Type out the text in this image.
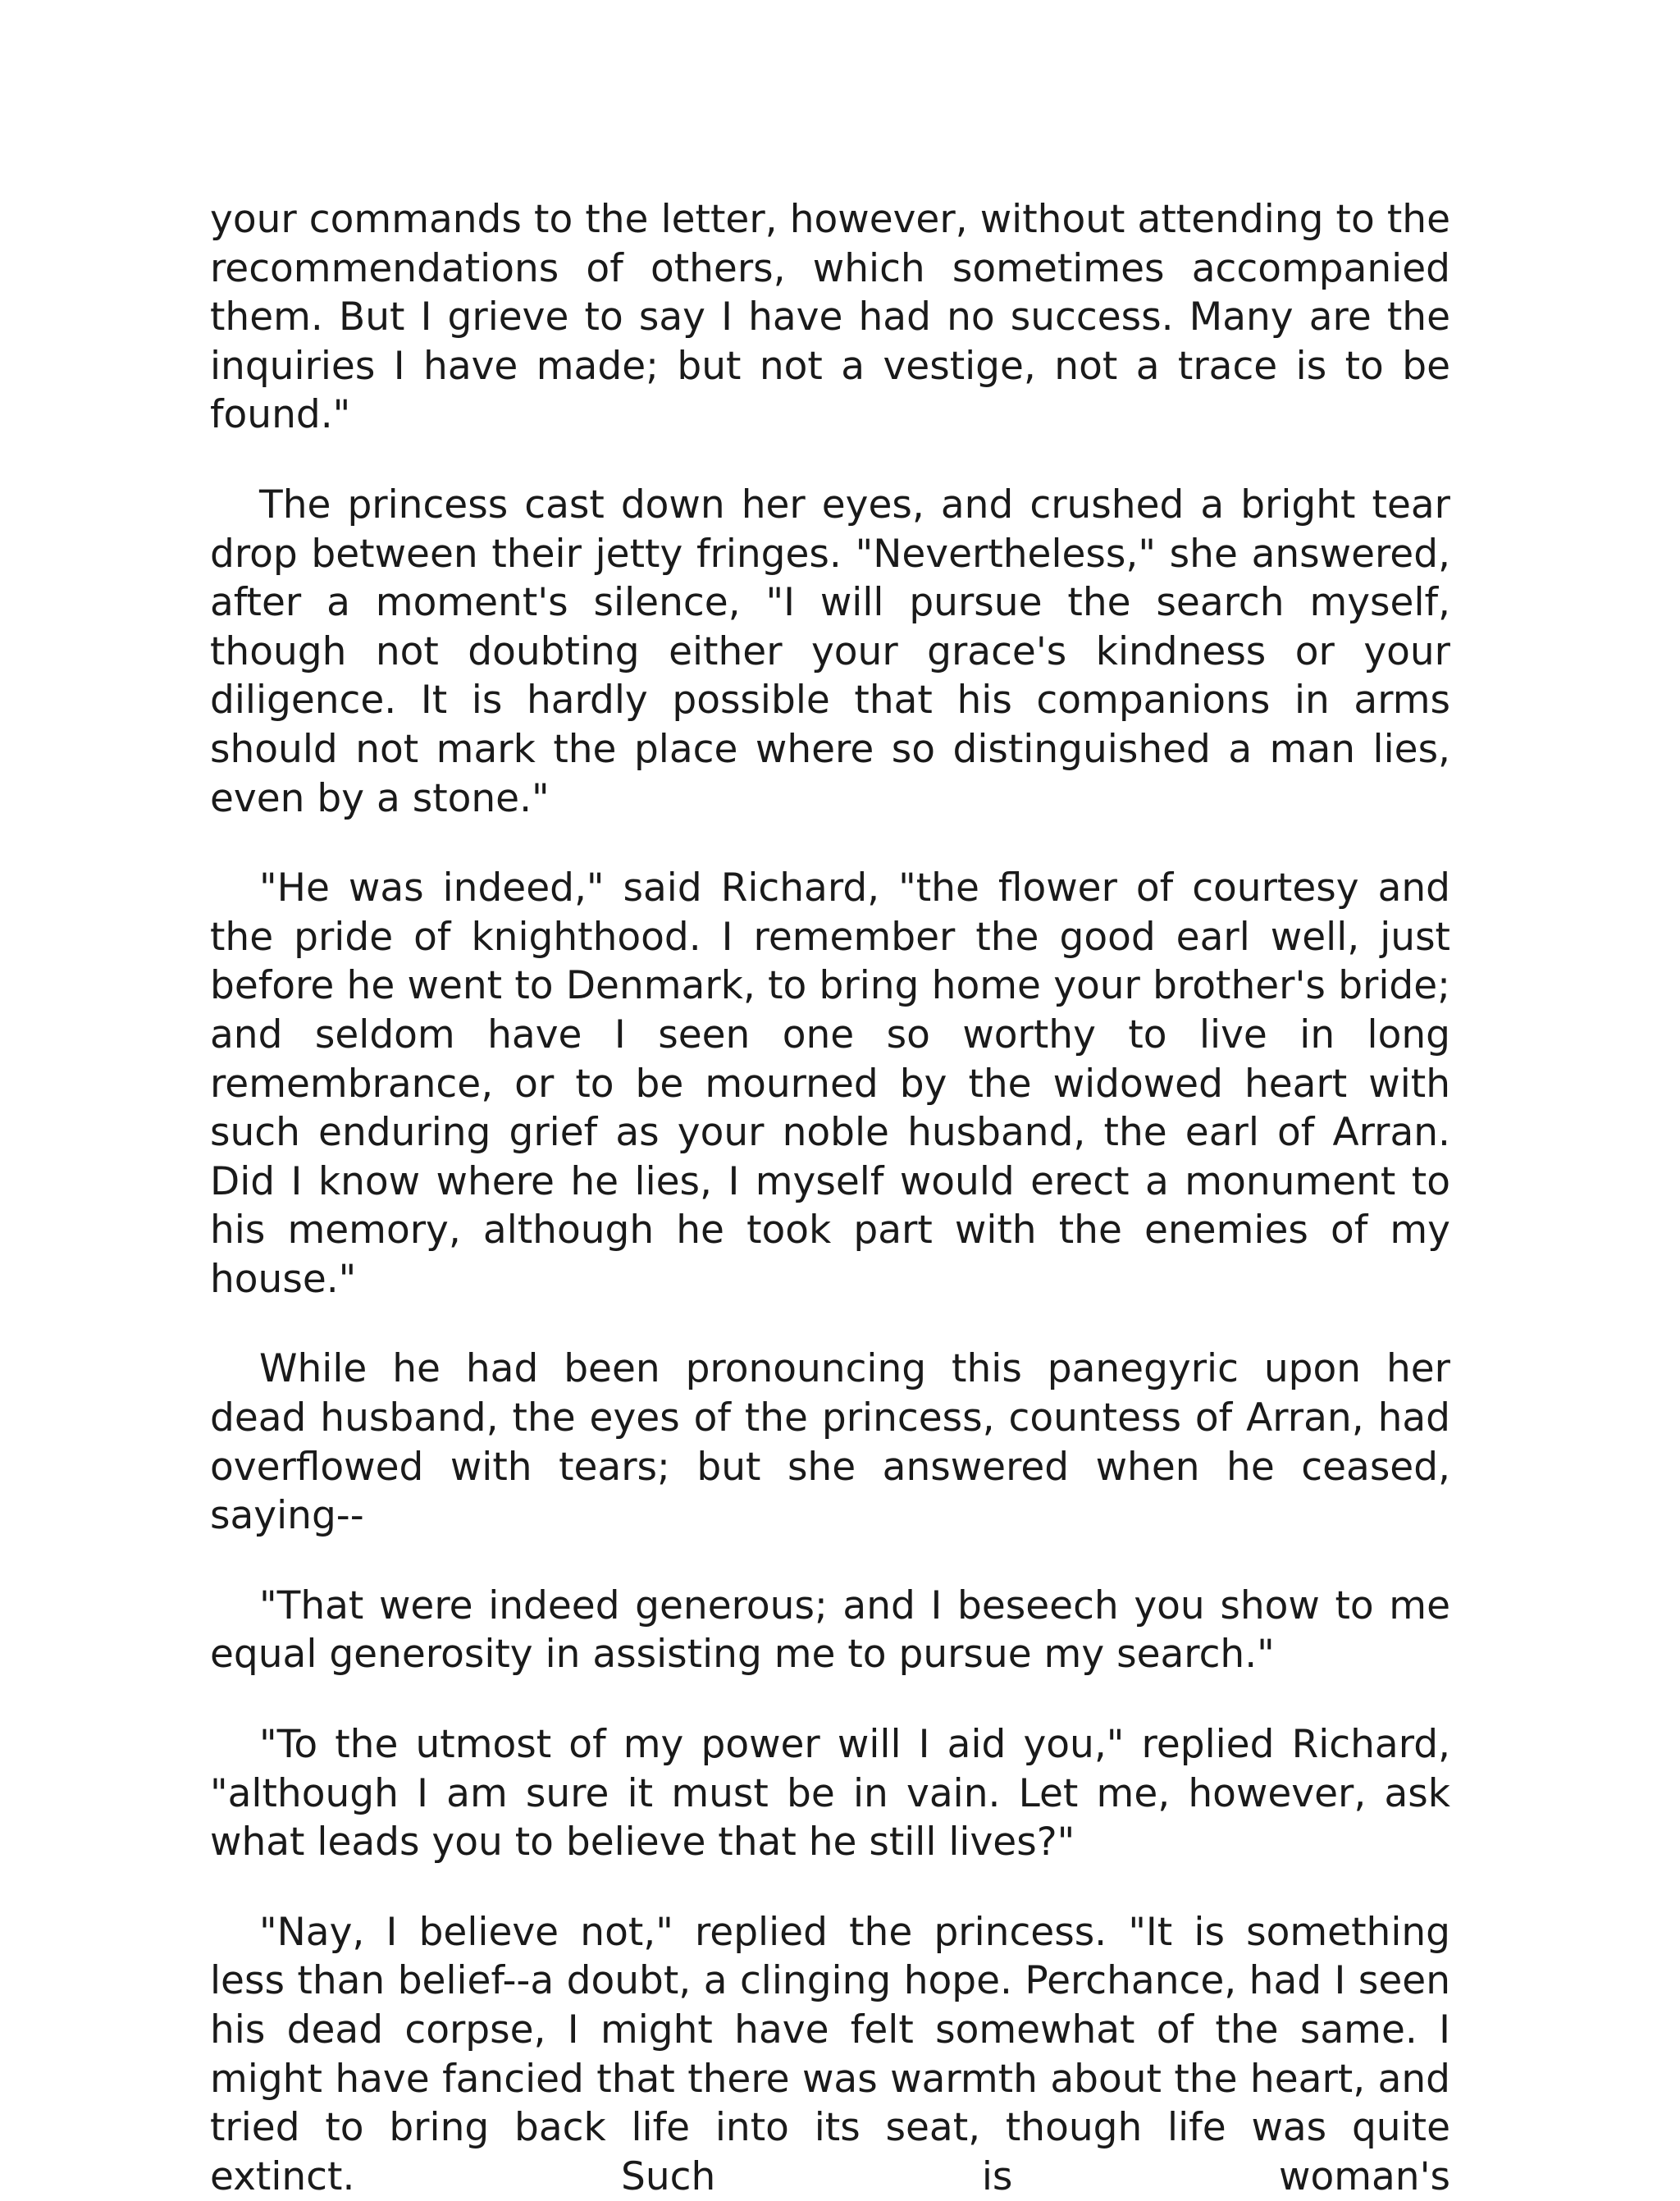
your commands to the letter, however, without attending to the recommendations of others, which sometimes accompanied them. But I grieve to say I have had no success. Many are the inquiries I have made; but not a vestige, not a trace is to be found."

The princess cast down her eyes, and crushed a bright tear drop between their jetty fringes. "Nevertheless," she answered, after a moment's silence, "I will pursue the search myself, though not doubting either your grace's kindness or your diligence. It is hardly possible that his companions in arms should not mark the place where so distinguished a man lies, even by a stone."

"He was indeed," said Richard, "the flower of courtesy and the pride of knighthood. I remember the good earl well, just before he went to Denmark, to bring home your brother's bride; and seldom have I seen one so worthy to live in long remembrance, or to be mourned by the widowed heart with such enduring grief as your noble husband, the earl of Arran. Did I know where he lies, I myself would erect a monument to his memory, although he took part with the enemies of my house."

While he had been pronouncing this panegyric upon her dead husband, the eyes of the princess, countess of Arran, had overflowed with tears; but she answered when he ceased, saying--

"That were indeed generous; and I beseech you show to me equal generosity in assisting me to pursue my search."

"To the utmost of my power will I aid you," replied Richard, "although I am sure it must be in vain. Let me, however, ask what leads you to believe that he still lives?"

"Nay, I believe not," replied the princess. "It is something less than belief--a doubt, a clinging hope. Perchance, had I seen his dead corpse, I might have felt somewhat of the same. I might have fancied that there was warmth about the heart, and tried to bring back life into its seat, though life was quite extinct. Such is woman's
